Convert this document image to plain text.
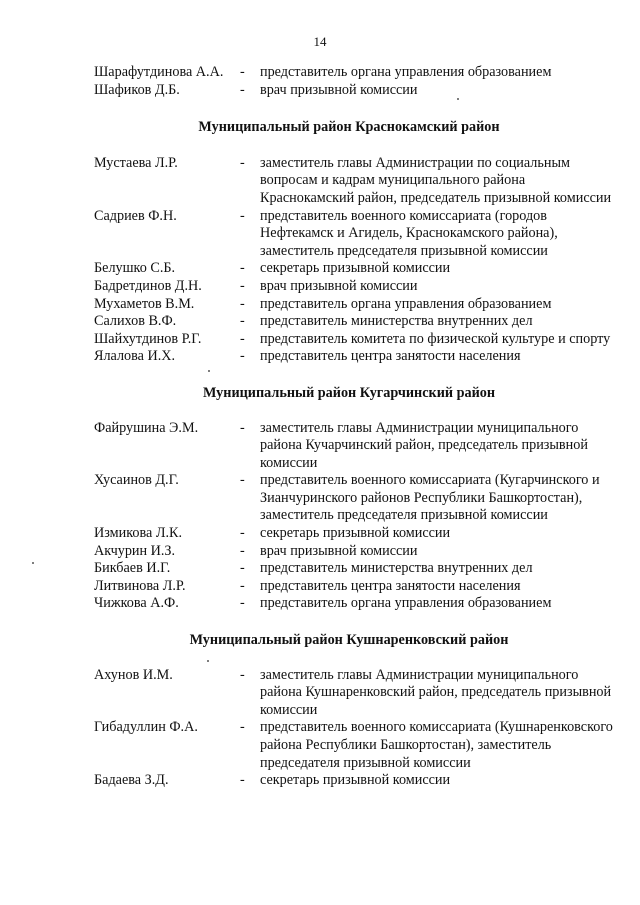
14
Шарафутдинова А.А.	-	представитель органа управления образованием
Шафиков Д.Б.	-	врач призывной комиссии
Муниципальный район Краснокамский район
Мустаева Л.Р.	-	заместитель главы Администрации по социальным вопросам и кадрам муниципального района Краснокамский район, председатель призывной комиссии
Садриев Ф.Н.	-	представитель военного комиссариата (городов Нефтекамск и Агидель, Краснокамского района), заместитель председателя призывной комиссии
Белушко С.Б.	-	секретарь призывной комиссии
Бадретдинов Д.Н.	-	врач призывной комиссии
Мухаметов В.М.	-	представитель органа управления образованием
Салихов В.Ф.	-	представитель министерства внутренних дел
Шайхутдинов Р.Г.	-	представитель комитета по физической культуре и спорту
Ялалова И.Х.	-	представитель центра занятости населения
Муниципальный район Кугарчинский район
Файрушина Э.М.	-	заместитель главы Администрации муниципального района Кучарчинский район, председатель призывной комиссии
Хусаинов Д.Г.	-	представитель военного комиссариата (Кугарчинского и Зианчуринского районов Республики Башкортостан), заместитель председателя призывной комиссии
Измикова Л.К.	-	секретарь призывной комиссии
Акчурин И.З.	-	врач призывной комиссии
Бикбаев И.Г.	-	представитель министерства внутренних дел
Литвинова Л.Р.	-	представитель центра занятости населения
Чижкова А.Ф.	-	представитель органа управления образованием
Муниципальный район Кушнаренковский район
Ахунов И.М.	-	заместитель главы Администрации муниципального района Кушнаренковский район, председатель призывной комиссии
Гибадуллин Ф.А.	-	представитель военного комиссариата (Кушнаренковского района Республики Башкортостан), заместитель председателя призывной комиссии
Бадаева З.Д.	-	секретарь призывной комиссии
